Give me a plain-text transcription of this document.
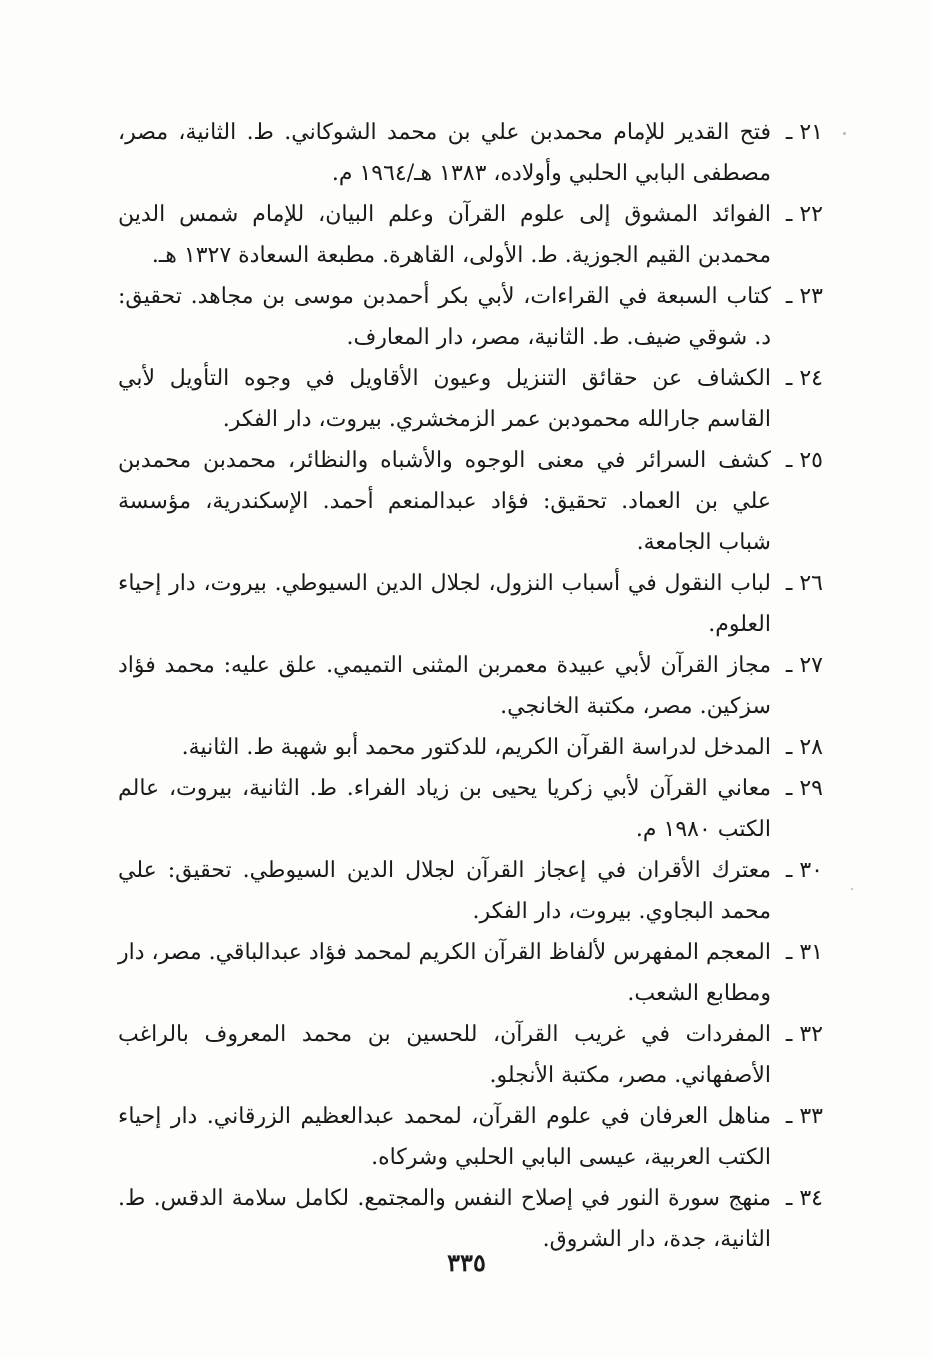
٢١ ـ
فتح القدير للإمام محمدبن علي بن محمد الشوكاني. ط. الثانية، مصر، مصطفى البابي الحلبي وأولاده، ١٣٨٣ هـ/١٩٦٤ م.
٢٢ ـ
الفوائد المشوق إلى علوم القرآن وعلم البيان، للإمام شمس الدين محمدبن القيم الجوزية. ط. الأولى، القاهرة. مطبعة السعادة ١٣٢٧ هـ.
٢٣ ـ
كتاب السبعة في القراءات، لأبي بكر أحمدبن موسى بن مجاهد. تحقيق: د. شوقي ضيف. ط. الثانية، مصر، دار المعارف.
٢٤ ـ
الكشاف عن حقائق التنزيل وعيون الأقاويل في وجوه التأويل لأبي القاسم جارالله محمودبن عمر الزمخشري. بيروت، دار الفكر.
٢٥ ـ
كشف السرائر في معنى الوجوه والأشباه والنظائر، محمدبن محمدبن علي بن العماد. تحقيق: فؤاد عبدالمنعم أحمد. الإسكندرية، مؤسسة شباب الجامعة.
٢٦ ـ
لباب النقول في أسباب النزول، لجلال الدين السيوطي. بيروت، دار إحياء العلوم.
٢٧ ـ
مجاز القرآن لأبي عبيدة معمربن المثنى التميمي. علق عليه: محمد فؤاد سزكين. مصر، مكتبة الخانجي.
٢٨ ـ
المدخل لدراسة القرآن الكريم، للدكتور محمد أبو شهبة ط. الثانية.
٢٩ ـ
معاني القرآن لأبي زكريا يحيى بن زياد الفراء. ط. الثانية، بيروت، عالم الكتب ١٩٨٠ م.
٣٠ ـ
معترك الأقران في إعجاز القرآن لجلال الدين السيوطي. تحقيق: علي محمد البجاوي. بيروت، دار الفكر.
٣١ ـ
المعجم المفهرس لألفاظ القرآن الكريم لمحمد فؤاد عبدالباقي. مصر، دار ومطابع الشعب.
٣٢ ـ
المفردات في غريب القرآن، للحسين بن محمد المعروف بالراغب الأصفهاني. مصر، مكتبة الأنجلو.
٣٣ ـ
مناهل العرفان في علوم القرآن، لمحمد عبدالعظيم الزرقاني. دار إحياء الكتب العربية، عيسى البابي الحلبي وشركاه.
٣٤ ـ
منهج سورة النور في إصلاح النفس والمجتمع. لكامل سلامة الدقس. ط. الثانية، جدة، دار الشروق.
٣٣٥
